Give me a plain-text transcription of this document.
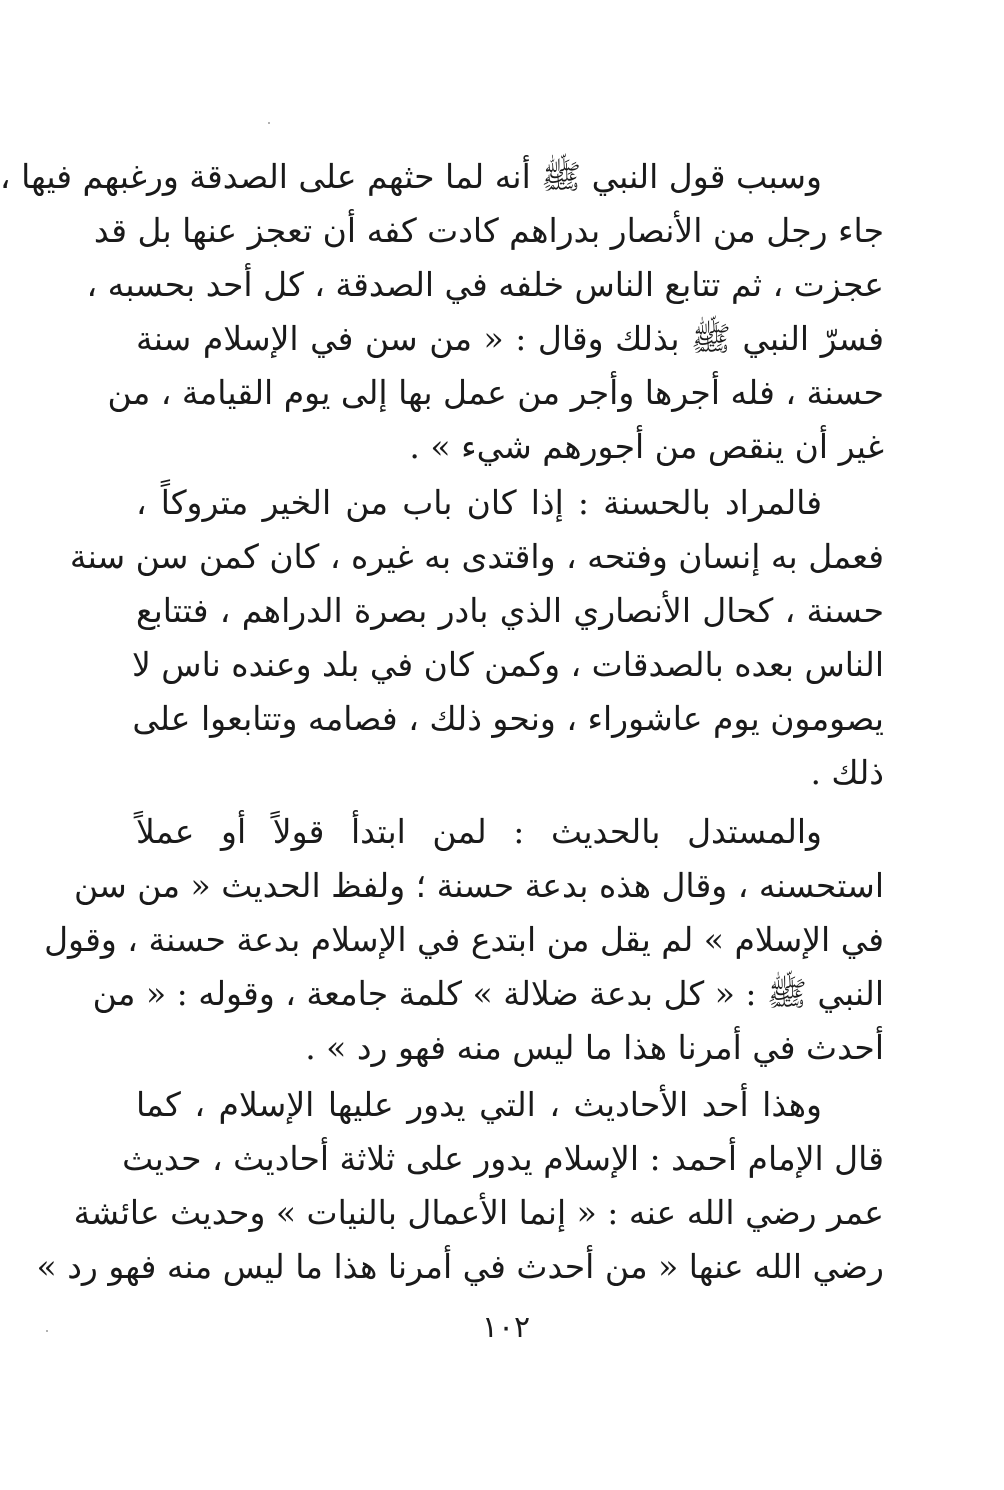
وسبب قول النبي ﷺ أنه لما حثهم على الصدقة ورغبهم فيها ،
جاء رجل من الأنصار بدراهم كادت كفه أن تعجز عنها بل قد
عجزت ، ثم تتابع الناس خلفه في الصدقة ، كل أحد بحسبه ،
فسرّ النبي ﷺ بذلك وقال : « من سن في الإسلام سنة
حسنة ، فله أجرها وأجر من عمل بها إلى يوم القيامة ، من
غير أن ينقص من أجورهم شيء » .

فالمراد بالحسنة : إذا كان باب من الخير متروكاً ،
فعمل به إنسان وفتحه ، واقتدى به غيره ، كان كمن سن سنة
حسنة ، كحال الأنصاري الذي بادر بصرة الدراهم ، فتتابع
الناس بعده بالصدقات ، وكمن كان في بلد وعنده ناس لا
يصومون يوم عاشوراء ، ونحو ذلك ، فصامه وتتابعوا على
ذلك .

والمستدل بالحديث : لمن ابتدأ قولاً أو عملاً
استحسنه ، وقال هذه بدعة حسنة ؛ ولفظ الحديث « من سن
في الإسلام » لم يقل من ابتدع في الإسلام بدعة حسنة ، وقول
النبي ﷺ : « كل بدعة ضلالة » كلمة جامعة ، وقوله : « من
أحدث في أمرنا هذا ما ليس منه فهو رد » .

وهذا أحد الأحاديث ، التي يدور عليها الإسلام ، كما
قال الإمام أحمد : الإسلام يدور على ثلاثة أحاديث ، حديث
عمر رضي الله عنه : « إنما الأعمال بالنيات » وحديث عائشة
رضي الله عنها « من أحدث في أمرنا هذا ما ليس منه فهو رد »

١٠٢
